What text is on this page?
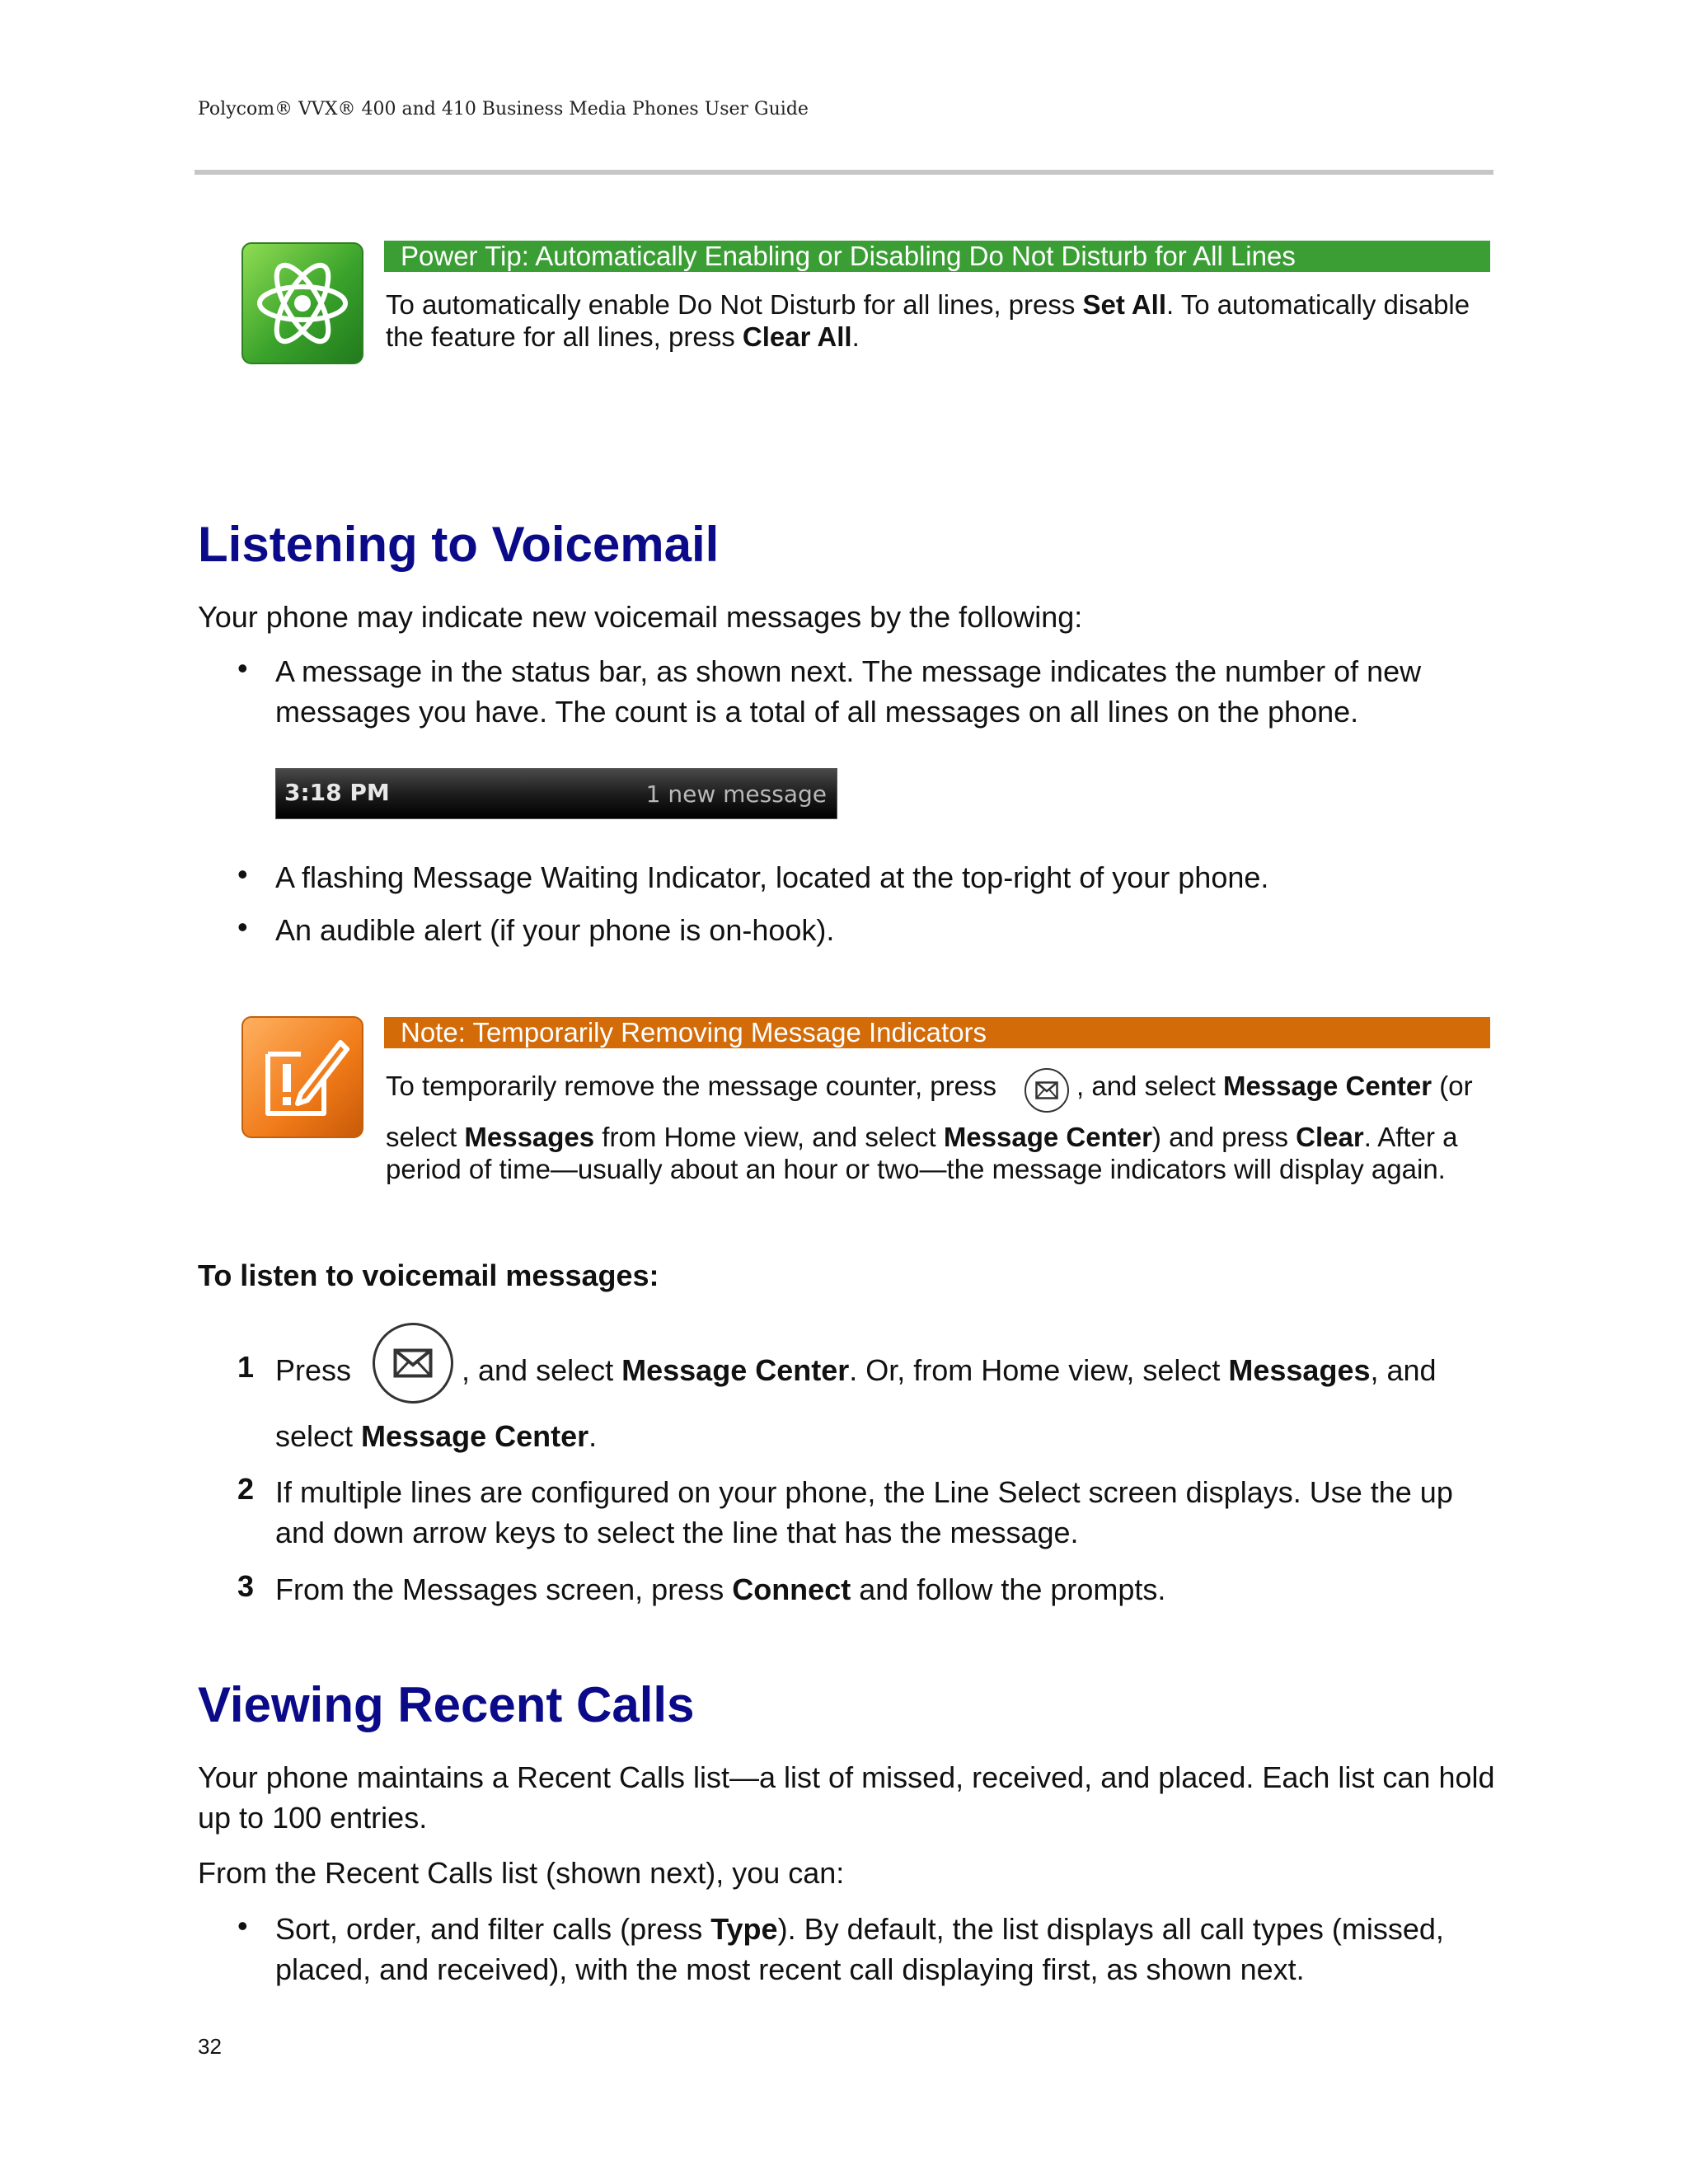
Polycom® VVX® 400 and 410 Business Media Phones User Guide
Power Tip: Automatically Enabling or Disabling Do Not Disturb for All Lines
To automatically enable Do Not Disturb for all lines, press Set All. To automatically disable the feature for all lines, press Clear All.
Listening to Voicemail
Your phone may indicate new voicemail messages by the following:
• A message in the status bar, as shown next. The message indicates the number of new messages you have. The count is a total of all messages on all lines on the phone.
3:18 PM	1 new message
• A flashing Message Waiting Indicator, located at the top-right of your phone.
• An audible alert (if your phone is on-hook).
Note: Temporarily Removing Message Indicators
To temporarily remove the message counter, press	, and select Message Center (or
select Messages from Home view, and select Message Center) and press Clear. After a period of time—usually about an hour or two—the message indicators will display again.
To listen to voicemail messages:
1 Press	, and select Message Center. Or, from Home view, select Messages, and
select Message Center.
2 If multiple lines are configured on your phone, the Line Select screen displays. Use the up and down arrow keys to select the line that has the message.
3 From the Messages screen, press Connect and follow the prompts.
Viewing Recent Calls
Your phone maintains a Recent Calls list—a list of missed, received, and placed. Each list can hold up to 100 entries.
From the Recent Calls list (shown next), you can:
• Sort, order, and filter calls (press Type). By default, the list displays all call types (missed, placed, and received), with the most recent call displaying first, as shown next.
32
